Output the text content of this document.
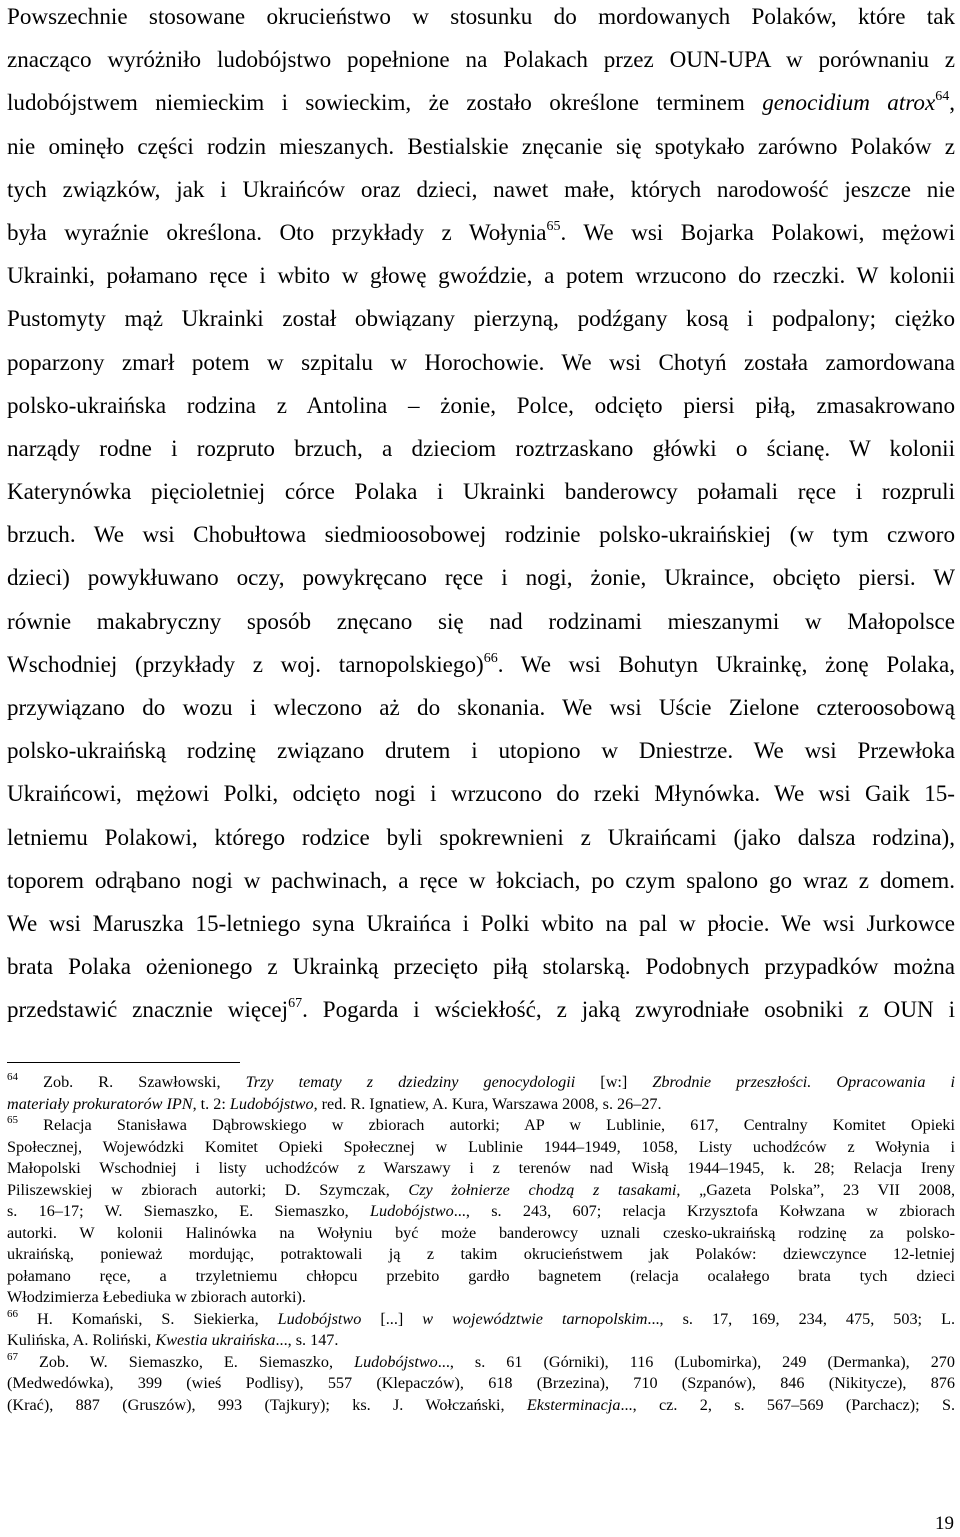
Powszechnie stosowane okrucieństwo w stosunku do mordowanych Polaków, które tak
znacząco wyróżniło ludobójstwo popełnione na Polakach przez OUN-UPA w porównaniu z
ludobójstwem niemieckim i sowieckim, że zostało określone terminem genocidium atrox$^{64}$,
nie ominęło części rodzin mieszanych. Bestialskie znęcanie się spotykało zarówno Polaków z
tych związków, jak i Ukraińców oraz dzieci, nawet małe, których narodowość jeszcze nie
była wyraźnie określona. Oto przykłady z Wołynia$^{65}$. We wsi Bojarka Polakowi, mężowi
Ukrainki, połamano ręce i wbito w głowę gwoździe, a potem wrzucono do rzeczki. W kolonii
Pustomyty mąż Ukrainki został obwiązany pierzyną, podźgany kosą i podpalony; ciężko
poparzony zmarł potem w szpitalu w Horochowie. We wsi Chotyń została zamordowana
polsko-ukraińska rodzina z Antolina – żonie, Polce, odcięto piersi piłą, zmasakrowano
narządy rodne i rozpruto brzuch, a dzieciom roztrzaskano główki o ścianę. W kolonii
Katerynówka pięcioletniej córce Polaka i Ukrainki banderowcy połamali ręce i rozpruli
brzuch. We wsi Chobułtowa siedmioosobowej rodzinie polsko-ukraińskiej (w tym czworo
dzieci) powykłuwano oczy, powykręcano ręce i nogi, żonie, Ukraince, obcięto piersi. W
równie makabryczny sposób znęcano się nad rodzinami mieszanymi w Małopolsce
Wschodniej (przykłady z woj. tarnopolskiego)$^{66}$. We wsi Bohutyn Ukrainkę, żonę Polaka,
przywiązano do wozu i wleczono aż do skonania. We wsi Uście Zielone czteroosobową
polsko-ukraińską rodzinę związano drutem i utopiono w Dniestrze. We wsi Przewłoka
Ukraińcowi, mężowi Polki, odcięto nogi i wrzucono do rzeki Młynówka. We wsi Gaik 15-
letniemu Polakowi, którego rodzice byli spokrewnieni z Ukraińcami (jako dalsza rodzina),
toporem odrąbano nogi w pachwinach, a ręce w łokciach, po czym spalono go wraz z domem.
We wsi Maruszka 15-letniego syna Ukraińca i Polki wbito na pal w płocie. We wsi Jurkowce
brata Polaka ożenionego z Ukrainką przecięto piłą stolarską. Podobnych przypadków można
przedstawić znacznie więcej$^{67}$. Pogarda i wściekłość, z jaką zwyrodniałe osobniki z OUN i
$^{64}$ Zob. R. Szawłowski, Trzy tematy z dziedziny genocydologii [w:] Zbrodnie przeszłości. Opracowania i
materiały prokuratorów IPN, t. 2: Ludobójstwo, red. R. Ignatiew, A. Kura, Warszawa 2008, s. 26–27.
$^{65}$ Relacja Stanisława Dąbrowskiego w zbiorach autorki; AP w Lublinie, 617, Centralny Komitet Opieki
Społecznej, Wojewódzki Komitet Opieki Społecznej w Lublinie 1944–1949, 1058, Listy uchodźców z Wołynia i
Małopolski Wschodniej i listy uchodźców z Warszawy i z terenów nad Wisłą 1944–1945, k. 28; Relacja Ireny
Piliszewskiej w zbiorach autorki; D. Szymczak, Czy żołnierze chodzą z tasakami, „Gazeta Polska”, 23 VII 2008,
s. 16–17; W. Siemaszko, E. Siemaszko, Ludobójstwo..., s. 243, 607; relacja Krzysztofa Kołwzana w zbiorach
autorki. W kolonii Halinówka na Wołyniu być może banderowcy uznali czesko-ukraińską rodzinę za polsko-
ukraińską, ponieważ mordując, potraktowali ją z takim okrucieństwem jak Polaków: dziewczynce 12-letniej
połamano ręce, a trzyletniemu chłopcu przebito gardło bagnetem (relacja ocalałego brata tych dzieci
Włodzimierza Łebediuka w zbiorach autorki).
$^{66}$ H. Komański, S. Siekierka, Ludobójstwo [...] w województwie tarnopolskim..., s. 17, 169, 234, 475, 503; L.
Kulińska, A. Roliński, Kwestia ukraińska..., s. 147.
$^{67}$ Zob. W. Siemaszko, E. Siemaszko, Ludobójstwo..., s. 61 (Górniki), 116 (Lubomirka), 249 (Dermanka), 270
(Medwedówka), 399 (wieś Podlisy), 557 (Klepaczów), 618 (Brzezina), 710 (Szpanów), 846 (Nikitycze), 876
(Krać), 887 (Gruszów), 993 (Tajkury); ks. J. Wołczański, Eksterminacja..., cz. 2, s. 567–569 (Parchacz); S.
19
